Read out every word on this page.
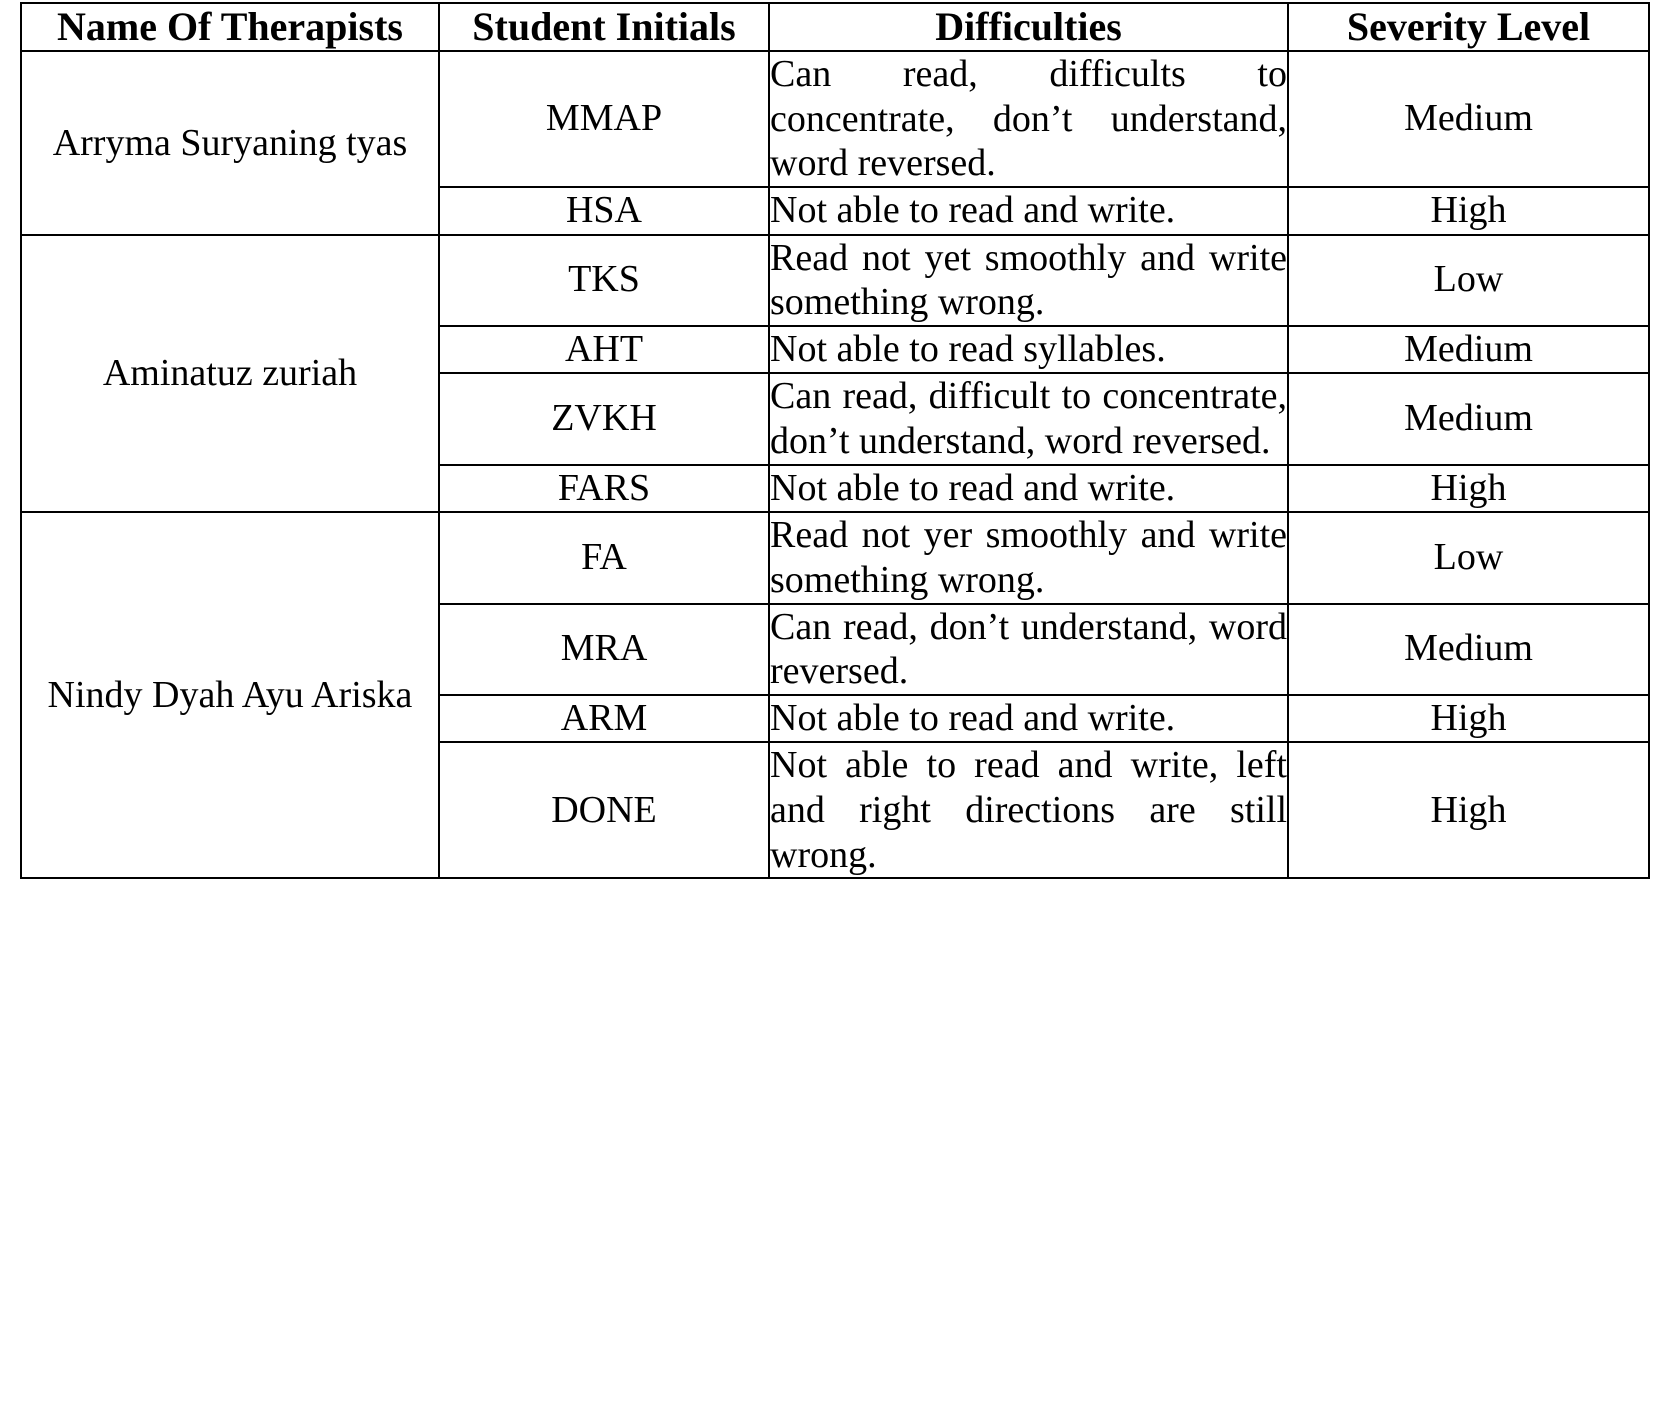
Name Of Therapists	Student Initials	Difficulties	Severity Level

Arryma Suryaning tyas	MMAP	Can read, difficults to concentrate, don’t understand, word reversed.	Medium
	HSA	Not able to read and write.	High

Aminatuz zuriah	TKS	Read not yet smoothly and write something wrong.	Low
	AHT	Not able to read syllables.	Medium
	ZVKH	Can read, difficult to concentrate, don’t understand, word reversed.	Medium
	FARS	Not able to read and write.	High

Nindy Dyah Ayu Ariska	FA	Read not yer smoothly and write something wrong.	Low
	MRA	Can read, don’t understand, word reversed.	Medium
	ARM	Not able to read and write.	High
	DONE	Not able to read and write, left and right directions are still wrong.	High
